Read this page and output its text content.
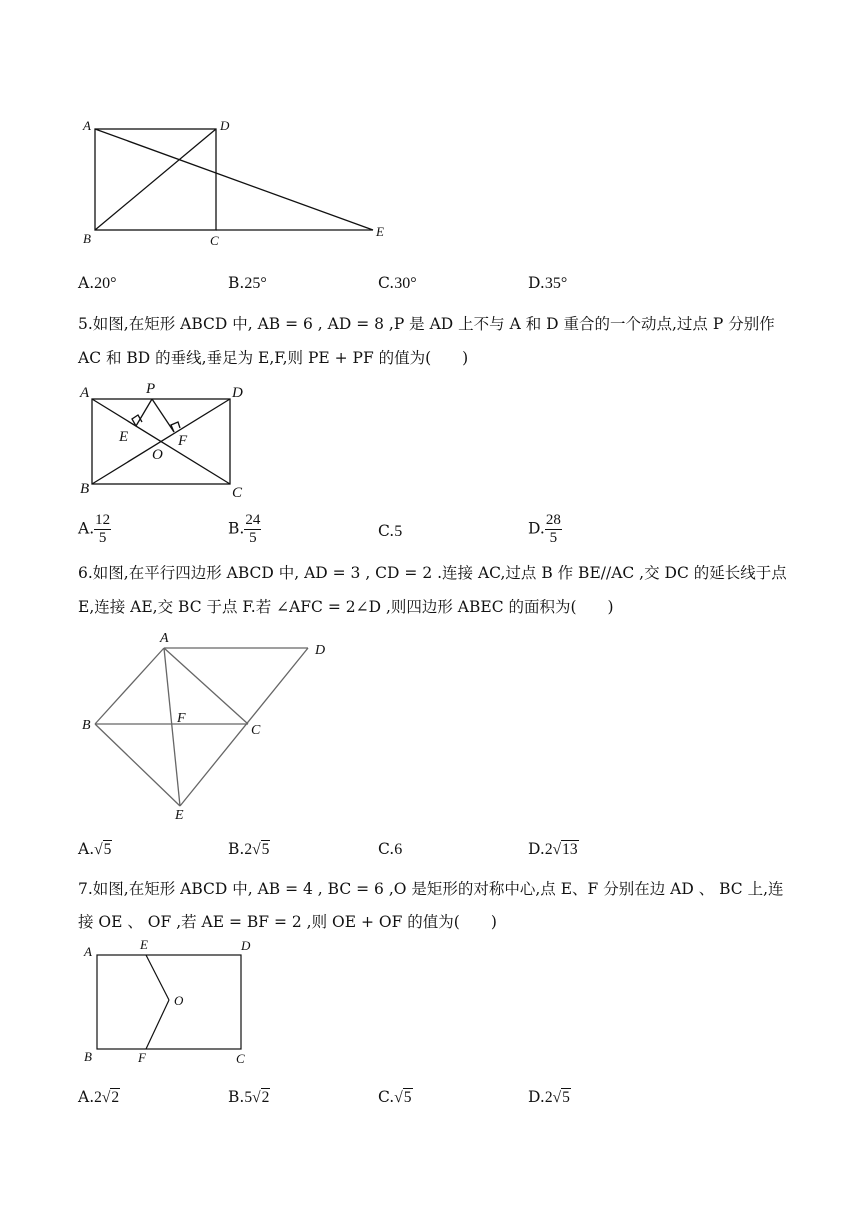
A	D
B	C
E
A.20°	B.25°	C.30°	D.35°
5.如图,在矩形 ABCD 中, AB = 6 , AD = 8 ,P 是 AD 上不与 A 和 D 重合的一个动点,过点 P 分别作
AC 和 BD 的垂线,垂足为 E,F,则 PE + PF 的值为(　　)
A	P	D
E	F
O
B	C
A. $\frac{12}{5}$	B. $\frac{24}{5}$	C.5	D. $\frac{28}{5}$
6.如图,在平行四边形 ABCD 中, AD = 3 , CD = 2 .连接 AC,过点 B 作 BE//AC ,交 DC 的延长线于点
E,连接 AE,交 BC 于点 F.若 ∠AFC = 2∠D ,则四边形 ABEC 的面积为(　　)
A
D
B	F
C
E
A.√5	B.2√5	C.6	D.2√13
7.如图,在矩形 ABCD 中, AB = 4 , BC = 6 ,O 是矩形的对称中心,点 E、F 分别在边 AD 、 BC 上,连
接 OE 、 OF ,若 AE = BF = 2 ,则 OE + OF 的值为(　　)
A	E	D
O
B	F	C
A.2√2	B.5√2	C.√5	D.2√5
